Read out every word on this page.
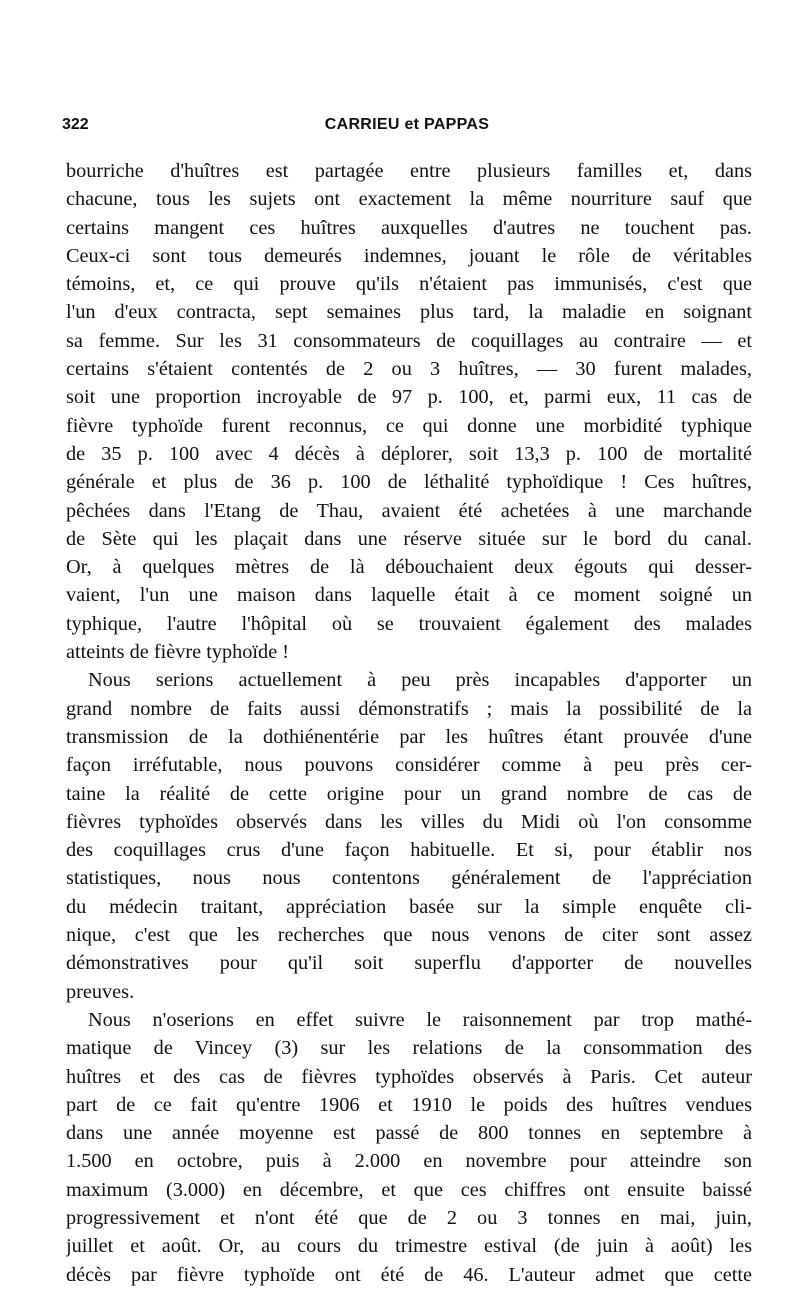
322	CARRIEU et PAPPAS
bourriche d'huîtres est partagée entre plusieurs familles et, dans
chacune, tous les sujets ont exactement la même nourriture sauf que
certains mangent ces huîtres auxquelles d'autres ne touchent pas.
Ceux-ci sont tous demeurés indemnes, jouant le rôle de véritables
témoins, et, ce qui prouve qu'ils n'étaient pas immunisés, c'est que
l'un d'eux contracta, sept semaines plus tard, la maladie en soignant
sa femme. Sur les 31 consommateurs de coquillages au contraire — et
certains s'étaient contentés de 2 ou 3 huîtres, — 30 furent malades,
soit une proportion incroyable de 97 p. 100, et, parmi eux, 11 cas de
fièvre typhoïde furent reconnus, ce qui donne une morbidité typhique
de 35 p. 100 avec 4 décès à déplorer, soit 13,3 p. 100 de mortalité
générale et plus de 36 p. 100 de léthalité typhoïdique ! Ces huîtres,
pêchées dans l'Etang de Thau, avaient été achetées à une marchande
de Sète qui les plaçait dans une réserve située sur le bord du canal.
Or, à quelques mètres de là débouchaient deux égouts qui desser-
vaient, l'un une maison dans laquelle était à ce moment soigné un
typhique, l'autre l'hôpital où se trouvaient également des malades
atteints de fièvre typhoïde !
Nous serions actuellement à peu près incapables d'apporter un
grand nombre de faits aussi démonstratifs ; mais la possibilité de la
transmission de la dothiénentérie par les huîtres étant prouvée d'une
façon irréfutable, nous pouvons considérer comme à peu près cer-
taine la réalité de cette origine pour un grand nombre de cas de
fièvres typhoïdes observés dans les villes du Midi où l'on consomme
des coquillages crus d'une façon habituelle. Et si, pour établir nos
statistiques, nous nous contentons généralement de l'appréciation
du médecin traitant, appréciation basée sur la simple enquête cli-
nique, c'est que les recherches que nous venons de citer sont assez
démonstratives pour qu'il soit superflu d'apporter de nouvelles
preuves.
Nous n'oserions en effet suivre le raisonnement par trop mathé-
matique de Vincey (3) sur les relations de la consommation des
huîtres et des cas de fièvres typhoïdes observés à Paris. Cet auteur
part de ce fait qu'entre 1906 et 1910 le poids des huîtres vendues
dans une année moyenne est passé de 800 tonnes en septembre à
1.500 en octobre, puis à 2.000 en novembre pour atteindre son
maximum (3.000) en décembre, et que ces chiffres ont ensuite baissé
progressivement et n'ont été que de 2 ou 3 tonnes en mai, juin,
juillet et août. Or, au cours du trimestre estival (de juin à août) les
décès par fièvre typhoïde ont été de 46. L'auteur admet que cette
